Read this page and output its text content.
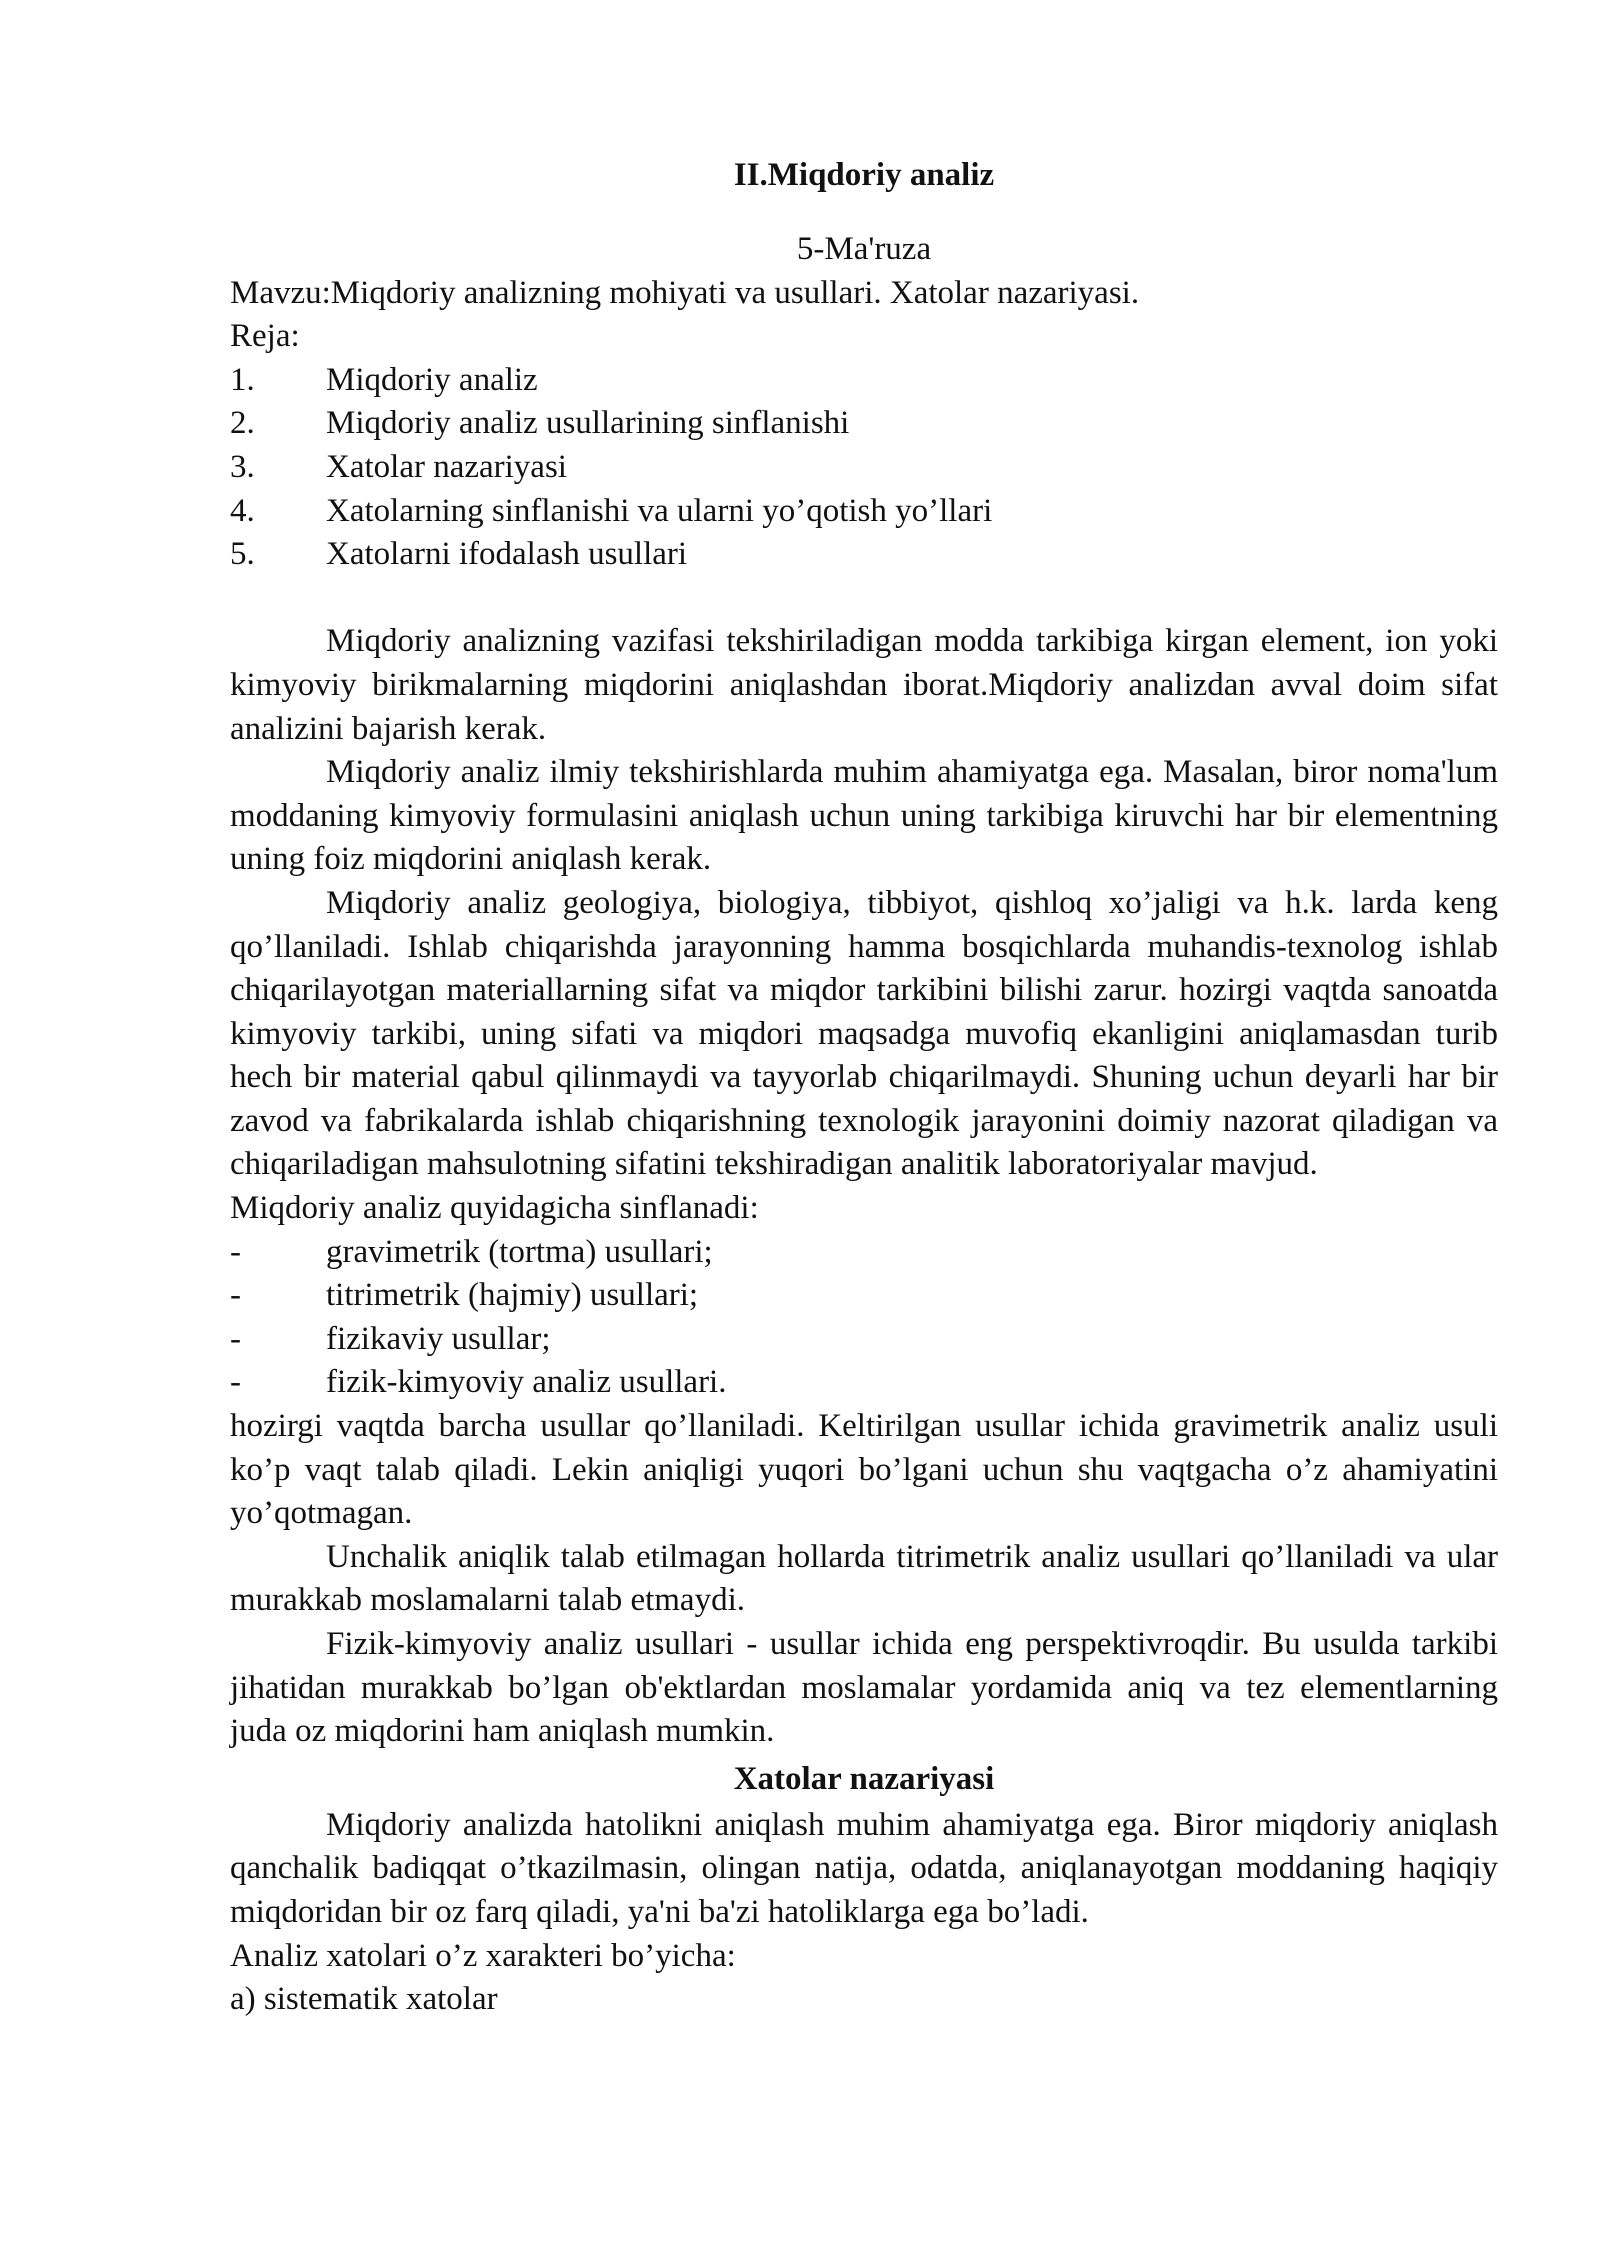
II.Miqdoriy analiz

5-Ma'ruza

Mavzu:Miqdoriy analizning mohiyati va usullari. Xatolar nazariyasi.

Reja:

1.	Miqdoriy analiz
2.	Miqdoriy analiz usullarining sinflanishi
3.	Xatolar nazariyasi
4.	Xatolarning sinflanishi va ularni yo’qotish yo’llari
5.	Xatolarni ifodalash usullari

Miqdoriy analizning vazifasi tekshiriladigan modda tarkibiga kirgan element, ion yoki kimyoviy birikmalarning miqdorini aniqlashdan iborat.Miqdoriy analizdan avval doim sifat analizini bajarish kerak.

Miqdoriy analiz ilmiy tekshirishlarda muhim ahamiyatga ega. Masalan, biror noma'lum moddaning kimyoviy formulasini aniqlash uchun uning tarkibiga kiruvchi har bir elementning uning foiz miqdorini aniqlash kerak.

Miqdoriy analiz geologiya, biologiya, tibbiyot, qishloq xo’jaligi va h.k. larda keng qo’llaniladi. Ishlab chiqarishda jarayonning hamma bosqichlarda muhandis-texnolog ishlab chiqarilayotgan materiallarning sifat va miqdor tarkibini bilishi zarur. hozirgi vaqtda sanoatda kimyoviy tarkibi, uning sifati va miqdori maqsadga muvofiq ekanligini aniqlamasdan turib hech bir material qabul qilinmaydi va tayyorlab chiqarilmaydi. Shuning uchun deyarli har bir zavod va fabrikalarda ishlab chiqarishning texnologik jarayonini doimiy nazorat qiladigan va chiqariladigan mahsulotning sifatini tekshiradigan analitik laboratoriyalar mavjud.

Miqdoriy analiz quyidagicha sinflanadi:

-	gravimetrik (tortma) usullari;
-	titrimetrik (hajmiy) usullari;
-	fizikaviy usullar;
-	fizik-kimyoviy analiz usullari.

hozirgi vaqtda barcha usullar qo’llaniladi. Keltirilgan usullar ichida gravimetrik analiz usuli ko’p vaqt talab qiladi. Lekin aniqligi yuqori bo’lgani uchun shu vaqtgacha o’z ahamiyatini yo’qotmagan.

Unchalik aniqlik talab etilmagan hollarda titrimetrik analiz usullari qo’llaniladi va ular murakkab moslamalarni talab etmaydi.

Fizik-kimyoviy analiz usullari - usullar ichida eng perspektivroqdir. Bu usulda tarkibi jihatidan murakkab bo’lgan ob'ektlardan moslamalar yordamida aniq va tez elementlarning juda oz miqdorini ham aniqlash mumkin.

Xatolar nazariyasi

Miqdoriy analizda hatolikni aniqlash muhim ahamiyatga ega. Biror miqdoriy aniqlash qanchalik badiqqat o’tkazilmasin, olingan natija, odatda, aniqlanayotgan moddaning haqiqiy miqdoridan bir oz farq qiladi, ya'ni ba'zi hatoliklarga ega bo’ladi.

Analiz xatolari o’z xarakteri bo’yicha:

a) sistematik xatolar
